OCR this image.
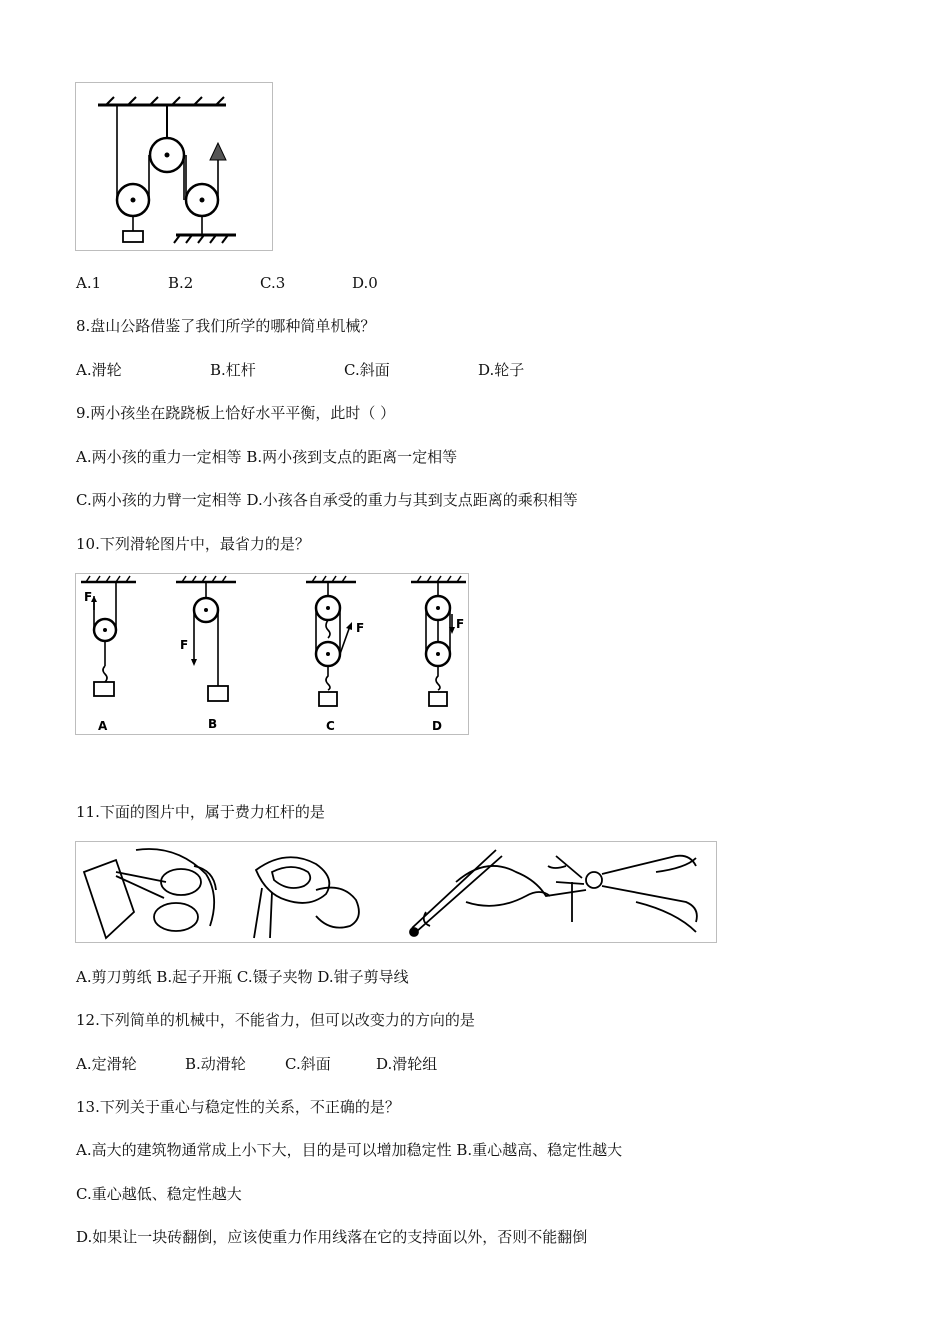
A.1	B.2	C.3	D.0
8.盘山公路借鉴了我们所学的哪种简单机械？
A.滑轮	B.杠杆	C.斜面	D.轮子
9.两小孩坐在跷跷板上恰好水平平衡，此时（ ）
A.两小孩的重力一定相等 B.两小孩到支点的距离一定相等
C.两小孩的力臂一定相等 D.小孩各自承受的重力与其到支点距离的乘积相等
10.下列滑轮图片中，最省力的是？
F
F
F	F
A	B	C	D
11.下面的图片中，属于费力杠杆的是
A.剪刀剪纸 B.起子开瓶 C.镊子夹物 D.钳子剪导线
12.下列简单的机械中，不能省力，但可以改变力的方向的是
A.定滑轮	B.动滑轮	C.斜面	D.滑轮组
13.下列关于重心与稳定性的关系，不正确的是？
A.高大的建筑物通常成上小下大，目的是可以增加稳定性 B.重心越高、稳定性越大
C.重心越低、稳定性越大
D.如果让一块砖翻倒，应该使重力作用线落在它的支持面以外，否则不能翻倒
